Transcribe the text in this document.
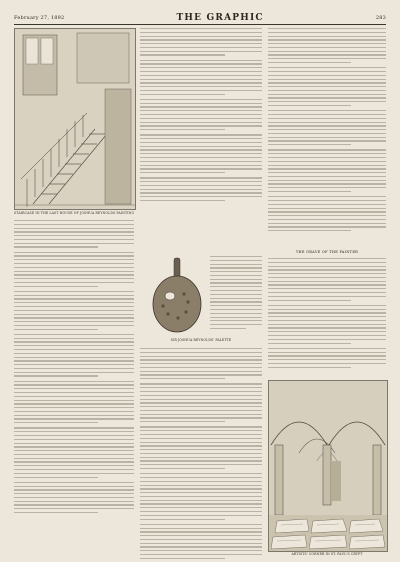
February 27, 1892	THE GRAPHIC	283
STAIRCASE IN THE LAST HOUSE OF JOSHUA REYNOLDS PAINTING
SIR JOSHUA REYNOLDS' PALETTE
THE GRAVE OF THE PAINTER
ARTISTS' CORNER IN ST. PAUL'S CRYPT
